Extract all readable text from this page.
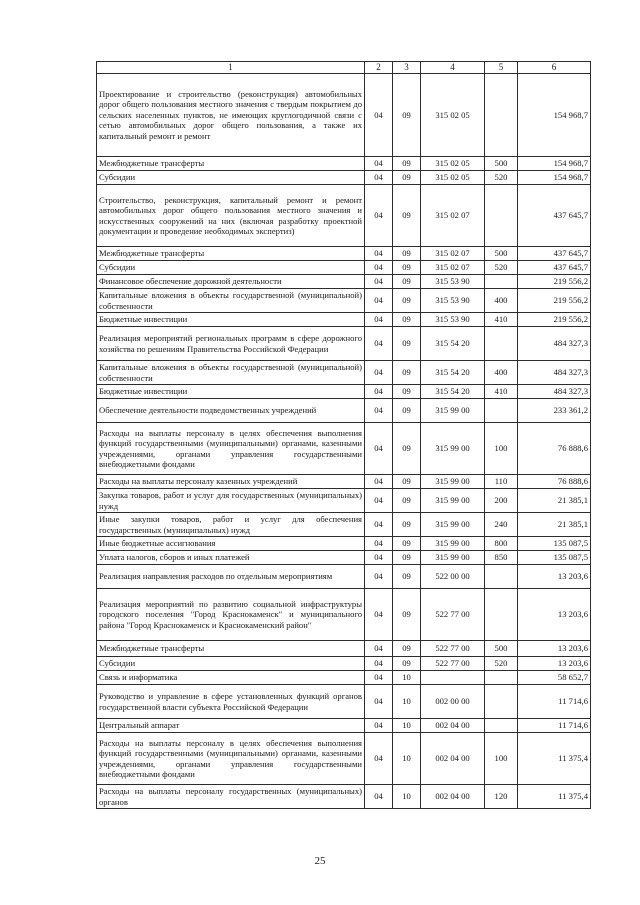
1	2	3	4	5	6
Проектирование и строительство (реконструкция) автомобильных дорог общего пользования местного значения с твердым покрытием до сельских населенных пунктов, не имеющих круглогодичной связи с сетью автомобильных дорог общего пользования, а также их капитальный ремонт и ремонт	04	09	315 02 05		154 968,7
Межбюджетные трансферты	04	09	315 02 05	500	154 968,7
Субсидии	04	09	315 02 05	520	154 968,7
Строительство, реконструкция, капитальный ремонт и ремонт автомобильных дорог общего пользования местного значения и искусственных сооружений на них (включая разработку проектной документации и проведение необходимых экспертиз)	04	09	315 02 07		437 645,7
Межбюджетные трансферты	04	09	315 02 07	500	437 645,7
Субсидии	04	09	315 02 07	520	437 645,7
Финансовое обеспечение дорожной деятельности	04	09	315 53 90		219 556,2
Капитальные вложения в объекты государственной (муниципальной) собственности	04	09	315 53 90	400	219 556,2
Бюджетные инвестиции	04	09	315 53 90	410	219 556,2
Реализация мероприятий региональных программ в сфере дорожного хозяйства по решениям Правительства Российской Федерации	04	09	315 54 20		484 327,3
Капитальные вложения в объекты государственной (муниципальной) собственности	04	09	315 54 20	400	484 327,3
Бюджетные инвестиции	04	09	315 54 20	410	484 327,3
Обеспечение деятельности подведомственных учреждений	04	09	315 99 00		233 361,2
Расходы на выплаты персоналу в целях обеспечения выполнения функций государственными (муниципальными) органами, казенными учреждениями, органами управления государственными внебюджетными фондами	04	09	315 99 00	100	76 888,6
Расходы на выплаты персоналу казенных учреждений	04	09	315 99 00	110	76 888,6
Закупка товаров, работ и услуг для государственных (муниципальных) нужд	04	09	315 99 00	200	21 385,1
Иные закупки товаров, работ и услуг для обеспечения государственных (муниципальных) нужд	04	09	315 99 00	240	21 385,1
Иные бюджетные ассигнования	04	09	315 99 00	800	135 087,5
Уплата налогов, сборов и иных платежей	04	09	315 99 00	850	135 087,5
Реализация направления расходов по отдельным мероприятиям	04	09	522 00 00		13 203,6
Реализация мероприятий по развитию социальной инфраструктуры городского поселения "Город Краснокаменск" и муниципального района "Город Краснокаменск и Краснокаменский район"	04	09	522 77 00		13 203,6
Межбюджетные трансферты	04	09	522 77 00	500	13 203,6
Субсидии	04	09	522 77 00	520	13 203,6
Связь и информатика	04	10			58 652,7
Руководство и управление в сфере установленных функций органов государственной власти субъекта Российской Федерации	04	10	002 00 00		11 714,6
Центральный аппарат	04	10	002 04 00		11 714,6
Расходы на выплаты персоналу в целях обеспечения выполнения функций государственными (муниципальными) органами, казенными учреждениями, органами управления государственными внебюджетными фондами	04	10	002 04 00	100	11 375,4
Расходы на выплаты персоналу государственных (муниципальных) органов	04	10	002 04 00	120	11 375,4
25
